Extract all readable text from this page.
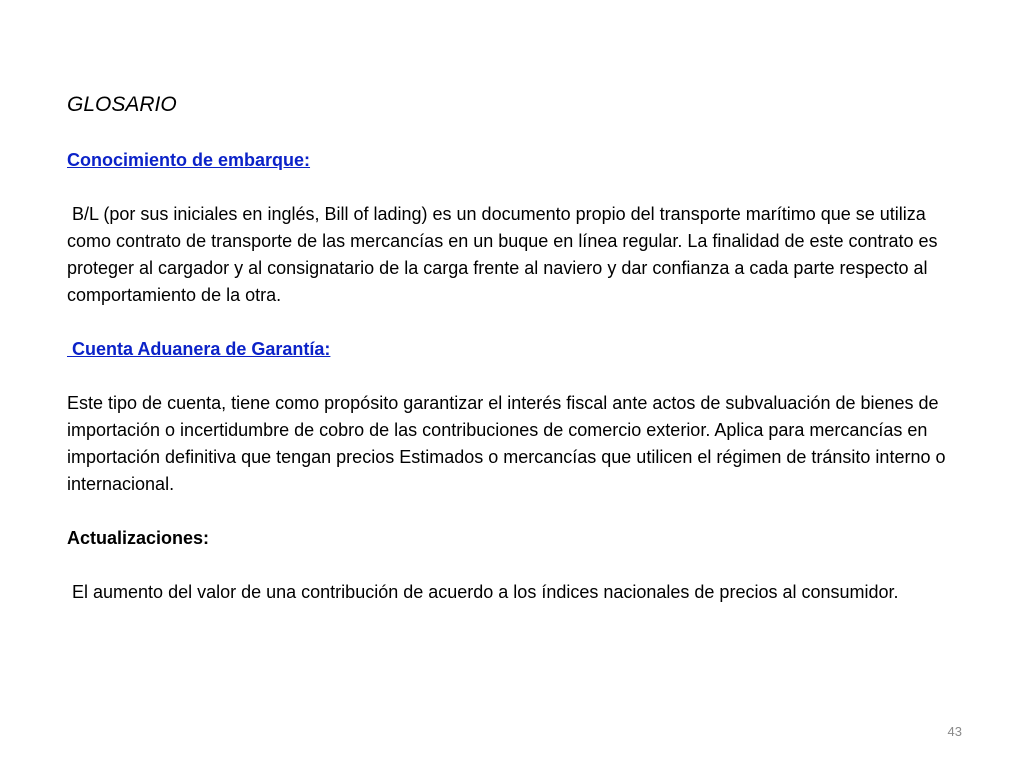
GLOSARIO
Conocimiento de embarque:
B/L (por sus iniciales en inglés, Bill of lading) es un documento propio del transporte marítimo que se utiliza como contrato de transporte de las mercancías en un buque en línea regular. La finalidad de este contrato es proteger al cargador y al consignatario de la carga frente al naviero y dar confianza a cada parte respecto al comportamiento de la otra.
Cuenta Aduanera de Garantía:
Este tipo de cuenta, tiene como propósito garantizar el interés fiscal ante actos de subvaluación de bienes de importación o incertidumbre de cobro de las contribuciones de comercio exterior. Aplica para mercancías en importación definitiva que tengan precios Estimados o mercancías que utilicen el régimen de tránsito interno o internacional.
Actualizaciones:
El aumento del valor de una contribución de acuerdo a los índices nacionales de precios al consumidor.
43
